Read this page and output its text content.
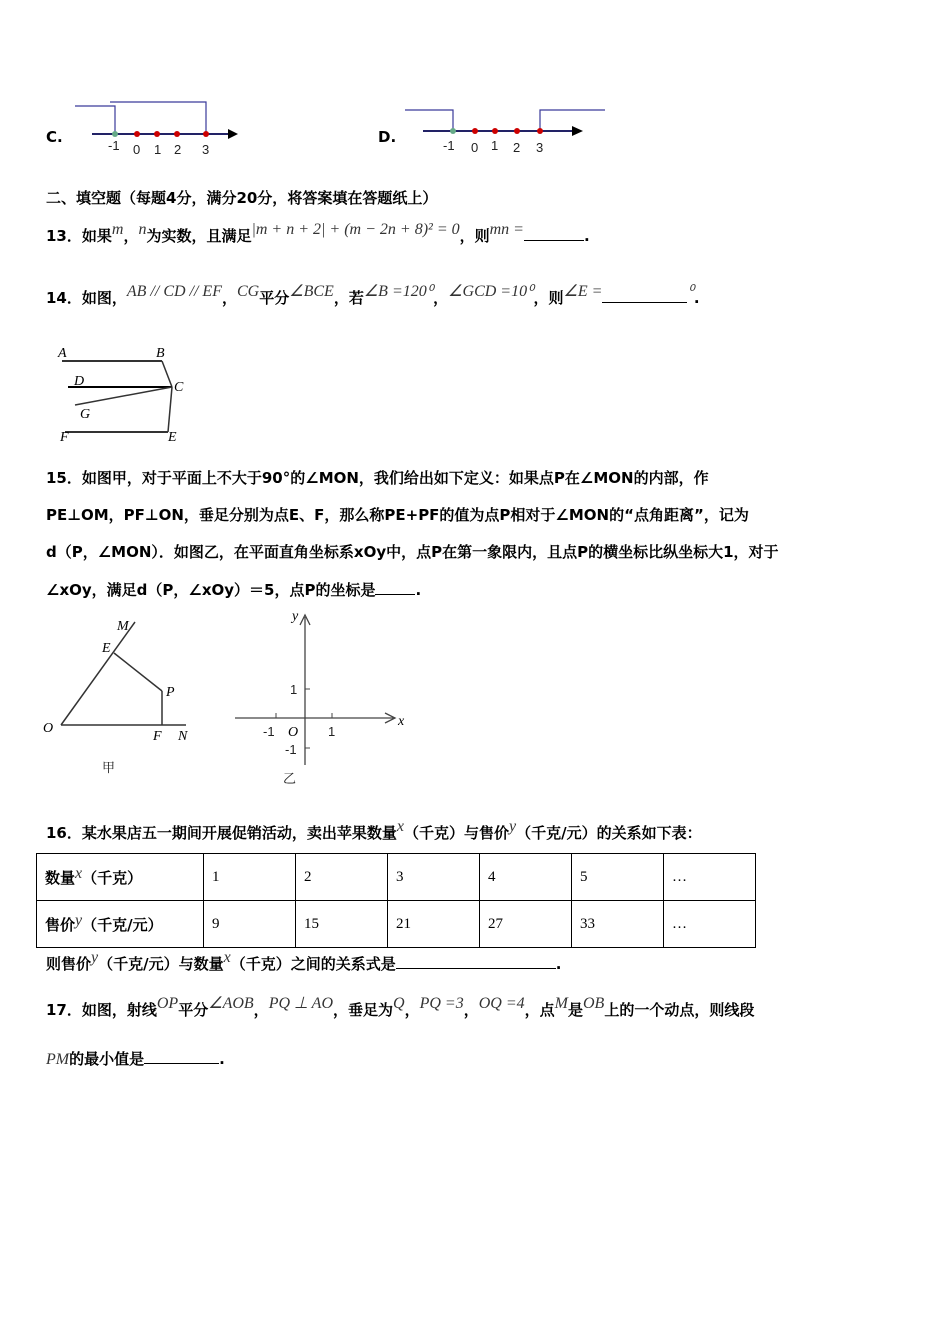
C.	-1 0 1 2 3
D.	-1 0 1 2 3
二、填空题（每题4分，满分20分，将答案填在答题纸上）
13．如果m，n为实数，且满足|m + n + 2| + (m − 2n + 8)² = 0，则mn =	.
14．如图，AB // CD // EF，CG平分∠BCE，若∠B =120⁰，∠GCD =10⁰，则∠E =	⁰.
A	B
C
D
G
F	E
15．如图甲，对于平面上不大于90°的∠MON，我们给出如下定义：如果点P在∠MON的内部，作
PE⊥OM，PF⊥ON，垂足分别为点E、F，那么称PE+PF的值为点P相对于∠MON的“点角距离”，记为
d（P，∠MON）．如图乙，在平面直角坐标系xOy中，点P在第一象限内，且点P的横坐标比纵坐标大1，对于
∠xOy，满足d（P，∠xOy）＝5，点P的坐标是	.
M
E
P
O
F N
甲
y
x
1
-1 O 1
-1
乙
16．某水果店五一期间开展促销活动，卖出苹果数量x（千克）与售价y（千克/元）的关系如下表：
数量x（千克）	1	2	3	4	5	…
售价y（千克/元）	9	15	21	27	33	…
则售价y（千克/元）与数量x（千克）之间的关系式是	.
17．如图，射线OP平分∠AOB，PQ ⊥ AO，垂足为Q，PQ =3，OQ =4，点M是OB上的一个动点，则线段
PM的最小值是	.
